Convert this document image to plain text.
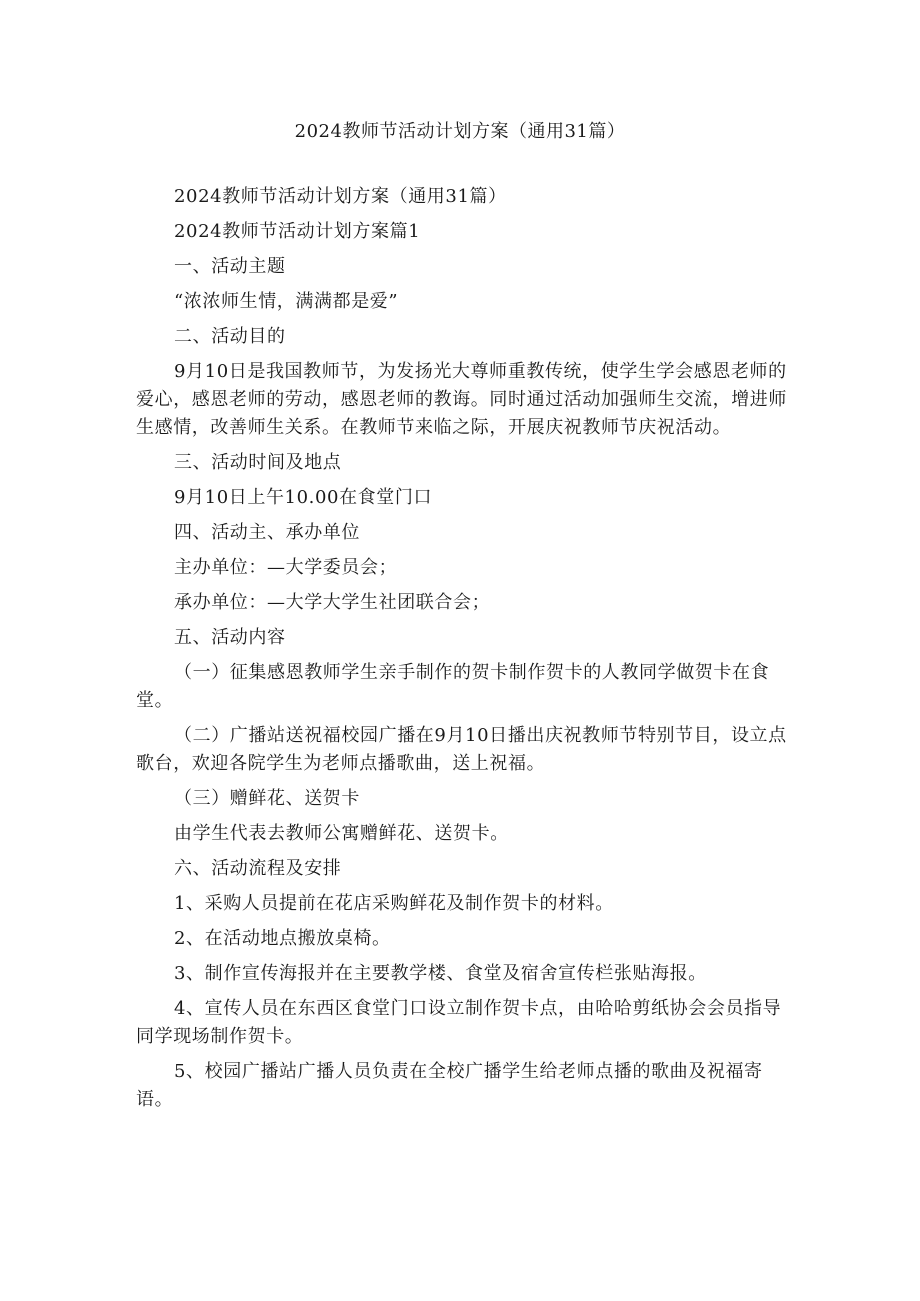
2024教师节活动计划方案（通用31篇）

2024教师节活动计划方案（通用31篇）

2024教师节活动计划方案篇1

一、活动主题

“浓浓师生情，满满都是爱”

二、活动目的

9月10日是我国教师节，为发扬光大尊师重教传统，使学生学会感恩老师的爱心，感恩老师的劳动，感恩老师的教诲。同时通过活动加强师生交流，增进师生感情，改善师生关系。在教师节来临之际，开展庆祝教师节庆祝活动。

三、活动时间及地点

9月10日上午10.00在食堂门口

四、活动主、承办单位

主办单位：—大学委员会；

承办单位：—大学大学生社团联合会；

五、活动内容

（一）征集感恩教师学生亲手制作的贺卡制作贺卡的人教同学做贺卡在食堂。

（二）广播站送祝福校园广播在9月10日播出庆祝教师节特别节目，设立点歌台，欢迎各院学生为老师点播歌曲，送上祝福。

（三）赠鲜花、送贺卡

由学生代表去教师公寓赠鲜花、送贺卡。

六、活动流程及安排

1、采购人员提前在花店采购鲜花及制作贺卡的材料。

2、在活动地点搬放桌椅。

3、制作宣传海报并在主要教学楼、食堂及宿舍宣传栏张贴海报。

4、宣传人员在东西区食堂门口设立制作贺卡点，由哈哈剪纸协会会员指导同学现场制作贺卡。

5、校园广播站广播人员负责在全校广播学生给老师点播的歌曲及祝福寄语。
